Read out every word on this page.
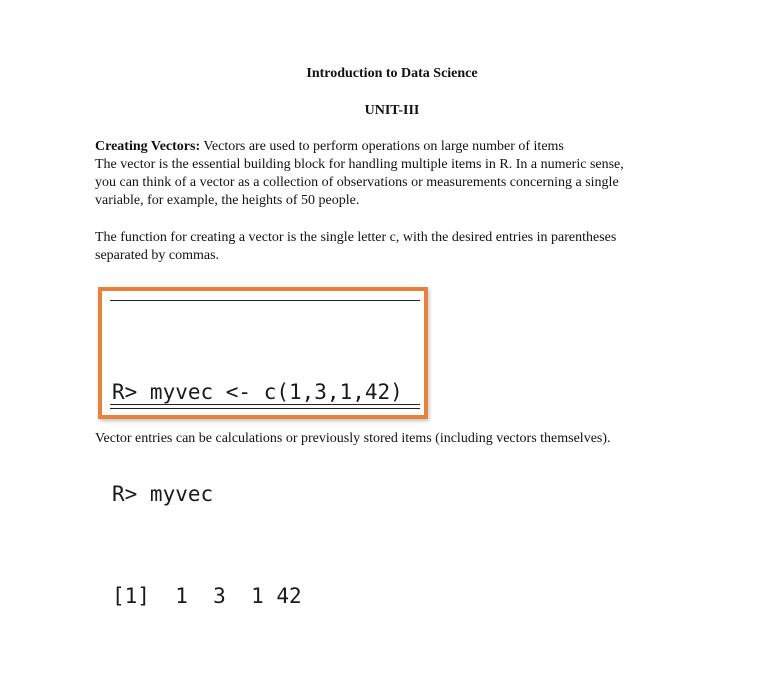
Introduction to Data Science
UNIT-III

Creating Vectors: Vectors are used to perform operations on large number of items
The vector is the essential building block for handling multiple items in R. In a numeric sense,
you can think of a vector as a collection of observations or measurements concerning a single
variable, for example, the heights of 50 people.

The function for creating a vector is the single letter c, with the desired entries in parentheses
separated by commas.

R> myvec <- c(1,3,1,42)

R> myvec

[1]  1  3  1 42

Vector entries can be calculations or previously stored items (including vectors themselves).
